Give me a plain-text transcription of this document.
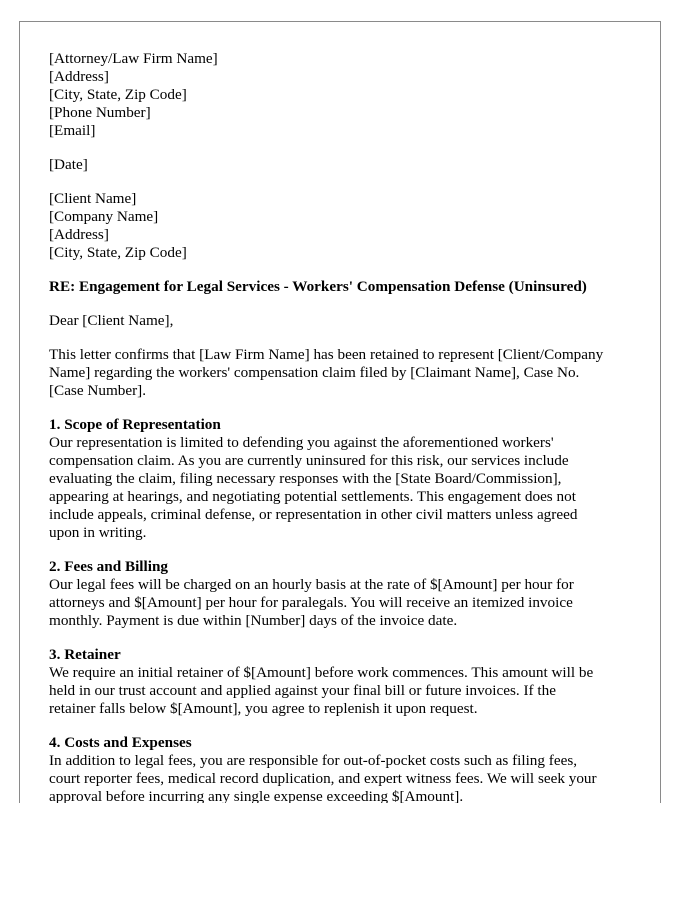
[Attorney/Law Firm Name]
[Address]
[City, State, Zip Code]
[Phone Number]
[Email]
[Date]
[Client Name]
[Company Name]
[Address]
[City, State, Zip Code]
RE: Engagement for Legal Services - Workers' Compensation Defense (Uninsured)
Dear [Client Name],
This letter confirms that [Law Firm Name] has been retained to represent [Client/Company
Name] regarding the workers' compensation claim filed by [Claimant Name], Case No.
[Case Number].
1. Scope of Representation
Our representation is limited to defending you against the aforementioned workers'
compensation claim. As you are currently uninsured for this risk, our services include
evaluating the claim, filing necessary responses with the [State Board/Commission],
appearing at hearings, and negotiating potential settlements. This engagement does not
include appeals, criminal defense, or representation in other civil matters unless agreed
upon in writing.
2. Fees and Billing
Our legal fees will be charged on an hourly basis at the rate of $[Amount] per hour for
attorneys and $[Amount] per hour for paralegals. You will receive an itemized invoice
monthly. Payment is due within [Number] days of the invoice date.
3. Retainer
We require an initial retainer of $[Amount] before work commences. This amount will be
held in our trust account and applied against your final bill or future invoices. If the
retainer falls below $[Amount], you agree to replenish it upon request.
4. Costs and Expenses
In addition to legal fees, you are responsible for out-of-pocket costs such as filing fees,
court reporter fees, medical record duplication, and expert witness fees. We will seek your
approval before incurring any single expense exceeding $[Amount].
